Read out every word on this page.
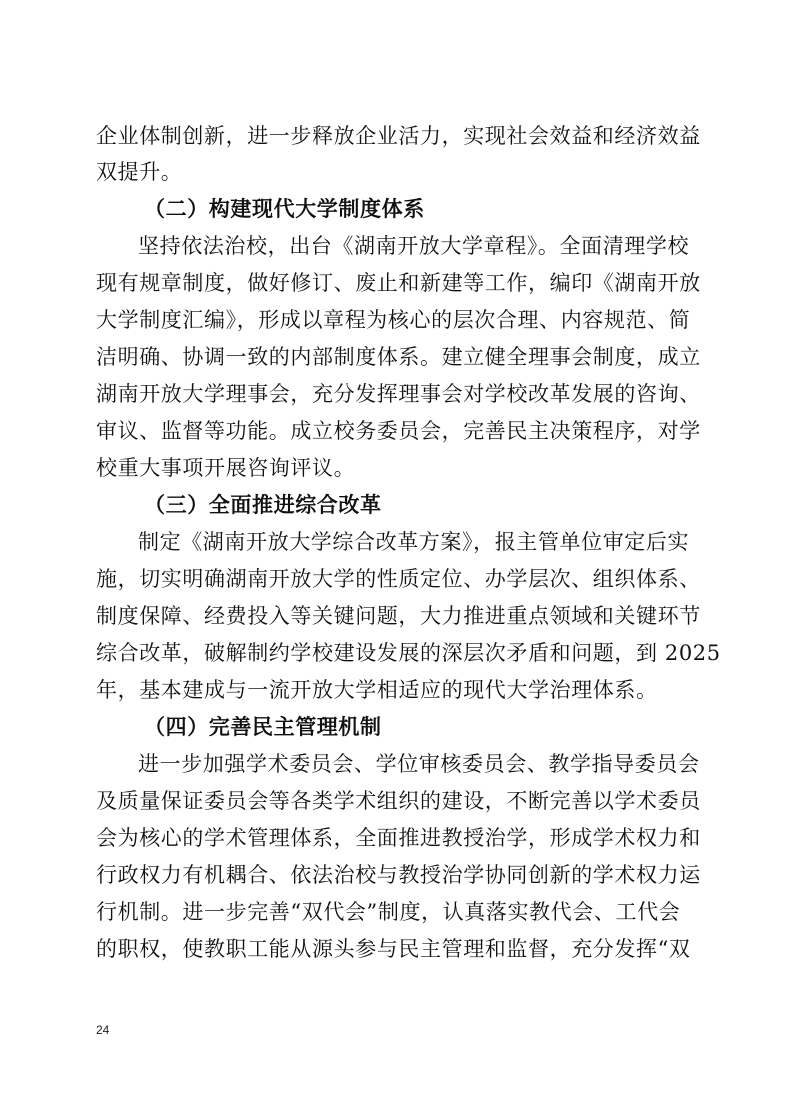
企业体制创新，进一步释放企业活力，实现社会效益和经济效益
双提升。
（二）构建现代大学制度体系
坚持依法治校，出台《湖南开放大学章程》。全面清理学校
现有规章制度，做好修订、废止和新建等工作，编印《湖南开放
大学制度汇编》，形成以章程为核心的层次合理、内容规范、简
洁明确、协调一致的内部制度体系。建立健全理事会制度，成立
湖南开放大学理事会，充分发挥理事会对学校改革发展的咨询、
审议、监督等功能。成立校务委员会，完善民主决策程序，对学
校重大事项开展咨询评议。
（三）全面推进综合改革
制定《湖南开放大学综合改革方案》，报主管单位审定后实
施，切实明确湖南开放大学的性质定位、办学层次、组织体系、
制度保障、经费投入等关键问题，大力推进重点领域和关键环节
综合改革，破解制约学校建设发展的深层次矛盾和问题，到 2025
年，基本建成与一流开放大学相适应的现代大学治理体系。
（四）完善民主管理机制
进一步加强学术委员会、学位审核委员会、教学指导委员会
及质量保证委员会等各类学术组织的建设，不断完善以学术委员
会为核心的学术管理体系，全面推进教授治学，形成学术权力和
行政权力有机耦合、依法治校与教授治学协同创新的学术权力运
行机制。进一步完善“双代会”制度，认真落实教代会、工代会
的职权，使教职工能从源头参与民主管理和监督，充分发挥“双
24
